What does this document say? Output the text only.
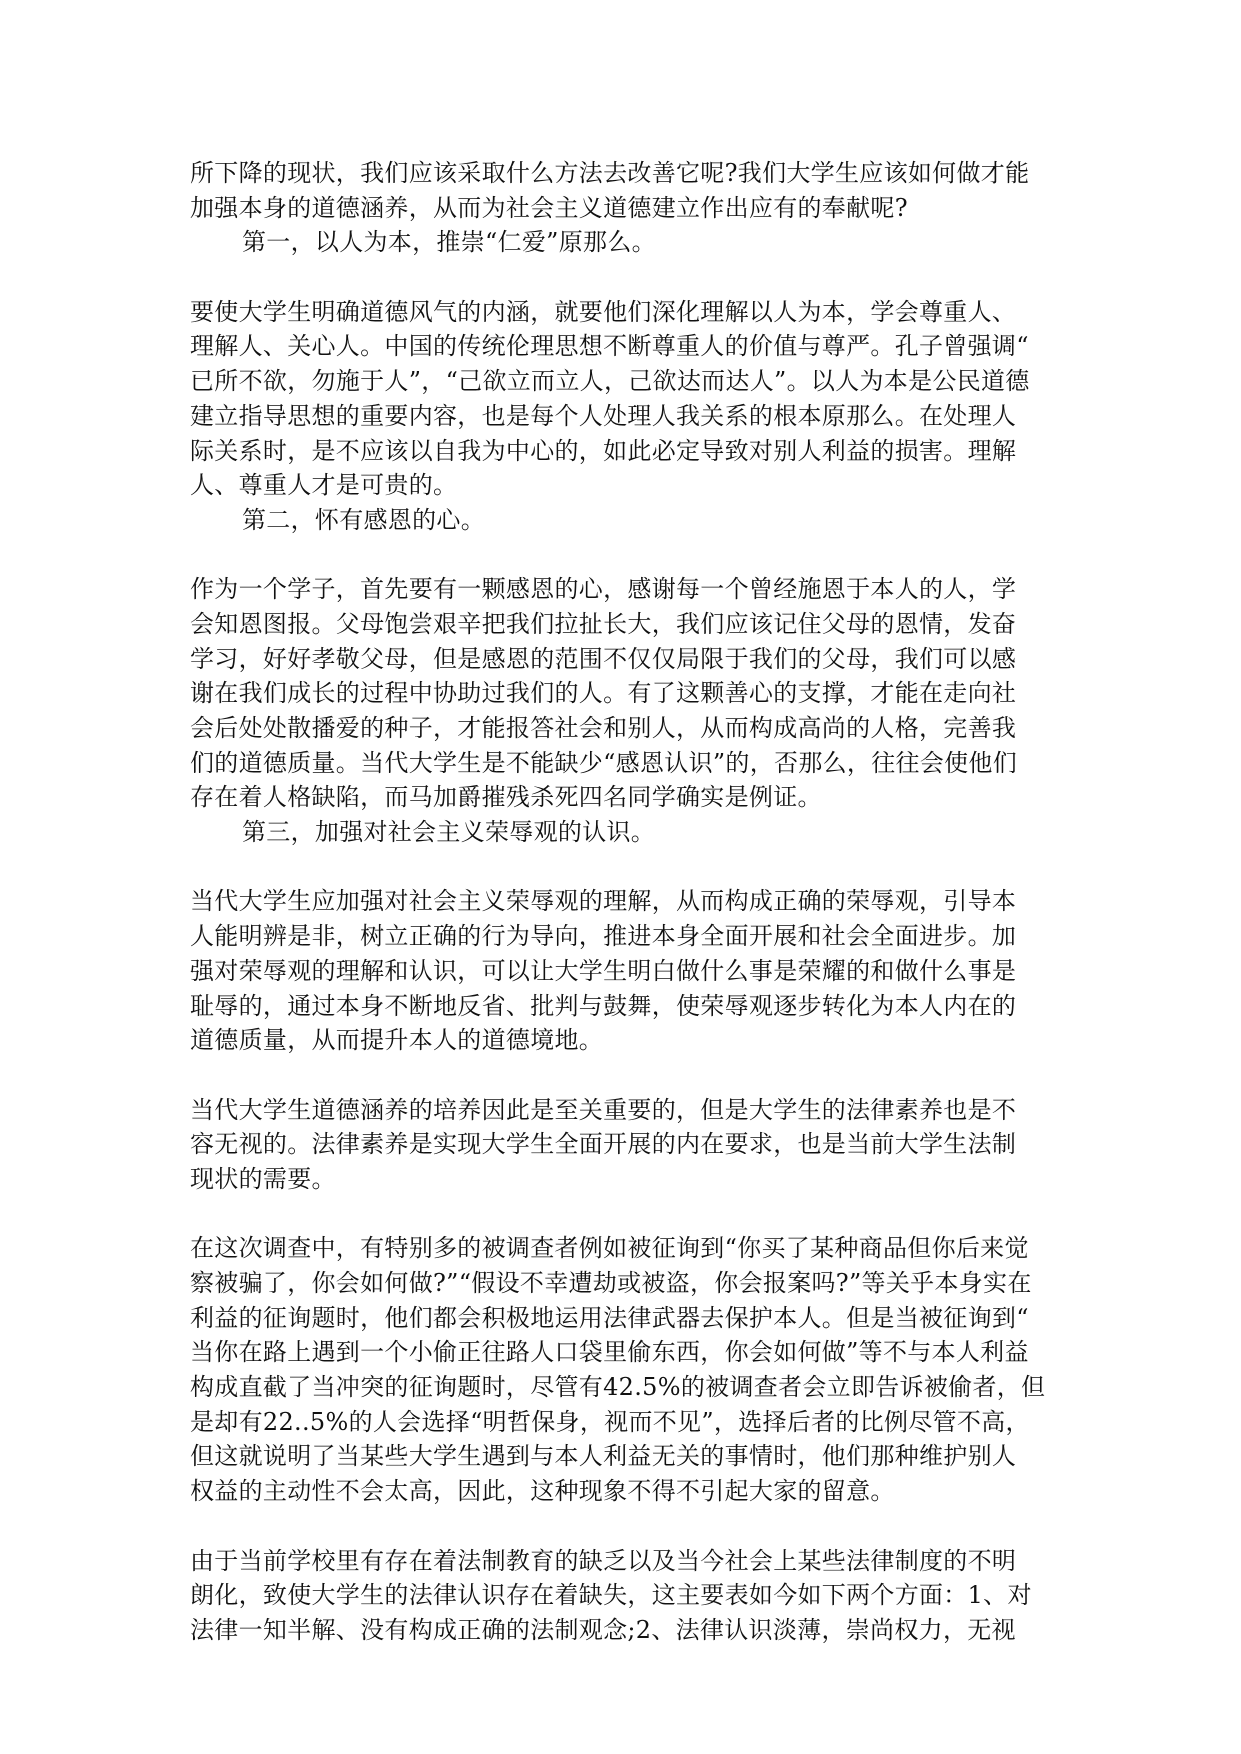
所下降的现状，我们应该采取什么方法去改善它呢?我们大学生应该如何做才能
加强本身的道德涵养，从而为社会主义道德建立作出应有的奉献呢?
第一，以人为本，推崇“仁爱”原那么。
要使大学生明确道德风气的内涵，就要他们深化理解以人为本，学会尊重人、
理解人、关心人。中国的传统伦理思想不断尊重人的价值与尊严。孔子曾强调“
已所不欲，勿施于人”，“己欲立而立人，己欲达而达人”。以人为本是公民道德
建立指导思想的重要内容，也是每个人处理人我关系的根本原那么。在处理人
际关系时，是不应该以自我为中心的，如此必定导致对别人利益的损害。理解
人、尊重人才是可贵的。
第二，怀有感恩的心。
作为一个学子，首先要有一颗感恩的心，感谢每一个曾经施恩于本人的人，学
会知恩图报。父母饱尝艰辛把我们拉扯长大，我们应该记住父母的恩情，发奋
学习，好好孝敬父母，但是感恩的范围不仅仅局限于我们的父母，我们可以感
谢在我们成长的过程中协助过我们的人。有了这颗善心的支撑，才能在走向社
会后处处散播爱的种子，才能报答社会和别人，从而构成高尚的人格，完善我
们的道德质量。当代大学生是不能缺少“感恩认识”的，否那么，往往会使他们
存在着人格缺陷，而马加爵摧残杀死四名同学确实是例证。
第三，加强对社会主义荣辱观的认识。
当代大学生应加强对社会主义荣辱观的理解，从而构成正确的荣辱观，引导本
人能明辨是非，树立正确的行为导向，推进本身全面开展和社会全面进步。加
强对荣辱观的理解和认识，可以让大学生明白做什么事是荣耀的和做什么事是
耻辱的，通过本身不断地反省、批判与鼓舞，使荣辱观逐步转化为本人内在的
道德质量，从而提升本人的道德境地。
当代大学生道德涵养的培养因此是至关重要的，但是大学生的法律素养也是不
容无视的。法律素养是实现大学生全面开展的内在要求，也是当前大学生法制
现状的需要。
在这次调查中，有特别多的被调查者例如被征询到“你买了某种商品但你后来觉
察被骗了，你会如何做?”“假设不幸遭劫或被盗，你会报案吗?”等关乎本身实在
利益的征询题时，他们都会积极地运用法律武器去保护本人。但是当被征询到“
当你在路上遇到一个小偷正往路人口袋里偷东西，你会如何做”等不与本人利益
构成直截了当冲突的征询题时，尽管有42.5%的被调查者会立即告诉被偷者，但
是却有22..5%的人会选择“明哲保身，视而不见”，选择后者的比例尽管不高，
但这就说明了当某些大学生遇到与本人利益无关的事情时，他们那种维护别人
权益的主动性不会太高，因此，这种现象不得不引起大家的留意。
由于当前学校里有存在着法制教育的缺乏以及当今社会上某些法律制度的不明
朗化，致使大学生的法律认识存在着缺失，这主要表如今如下两个方面：1、对
法律一知半解、没有构成正确的法制观念;2、法律认识淡薄，崇尚权力，无视
